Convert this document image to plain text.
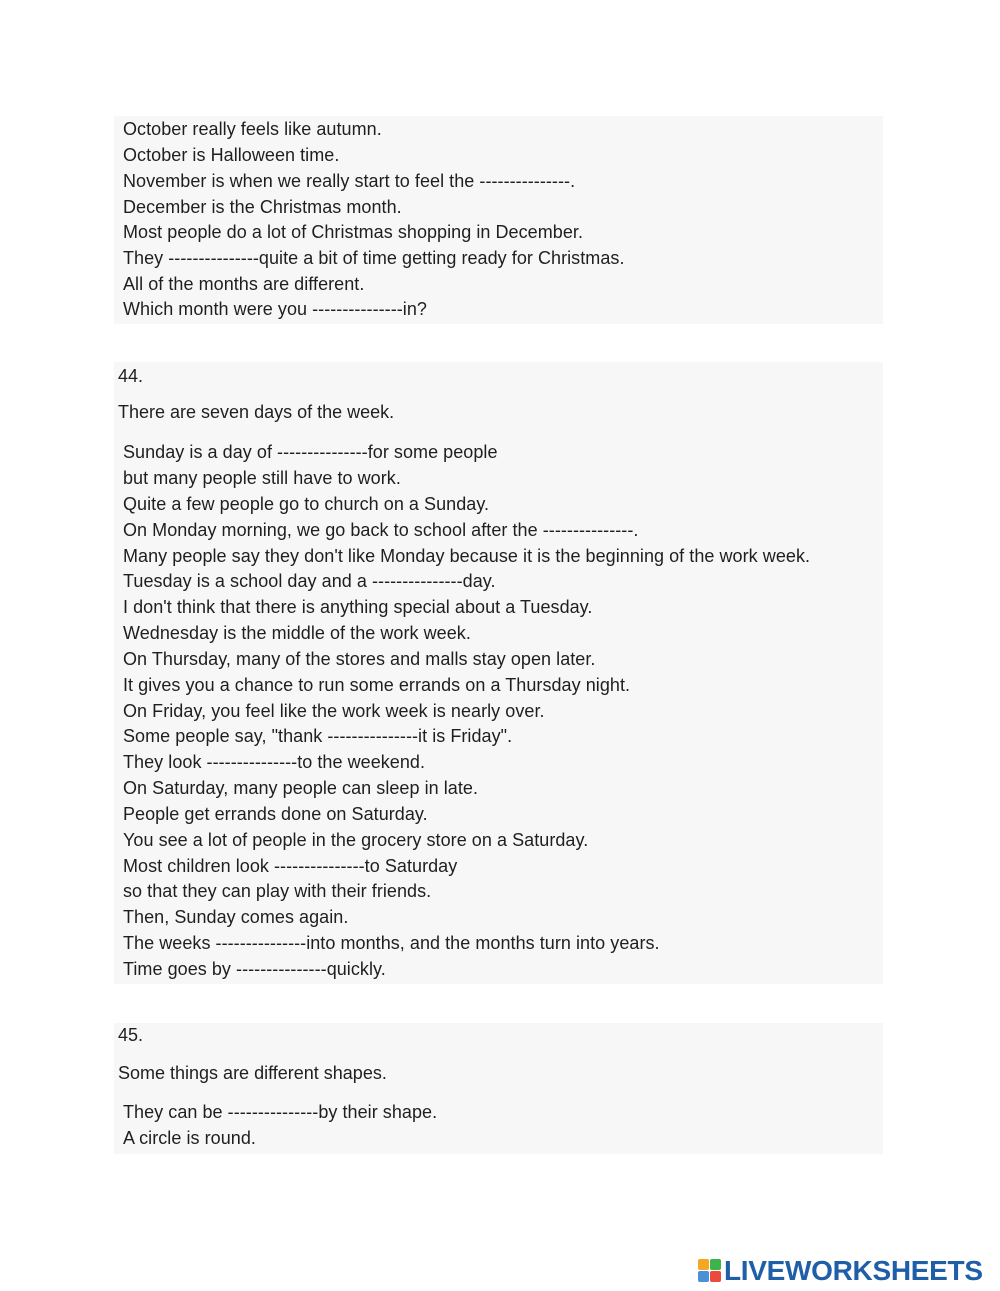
October really feels like autumn.
October is Halloween time.
November is when we really start to feel the ---------------.
December is the Christmas month.
Most people do a lot of Christmas shopping in December.
They ---------------quite a bit of time getting ready for Christmas.
All of the months are different.
Which month were you ---------------in?
44.
There are seven days of the week.
Sunday is a day of ---------------for some people
but many people still have to work.
Quite a few people go to church on a Sunday.
On Monday morning, we go back to school after the ---------------.
Many people say they don't like Monday because it is the beginning of the work week.
Tuesday is a school day and a ---------------day.
I don't think that there is anything special about a Tuesday.
Wednesday is the middle of the work week.
On Thursday, many of the stores and malls stay open later.
It gives you a chance to run some errands on a Thursday night.
On Friday, you feel like the work week is nearly over.
Some people say, "thank ---------------it is Friday".
They look ---------------to the weekend.
On Saturday, many people can sleep in late.
People get errands done on Saturday.
You see a lot of people in the grocery store on a Saturday.
Most children look ---------------to Saturday
so that they can play with their friends.
Then, Sunday comes again.
The weeks ---------------into months, and the months turn into years.
Time goes by ---------------quickly.
45.
Some things are different shapes.
They can be ---------------by their shape.
A circle is round.
LIVEWORKSHEETS
